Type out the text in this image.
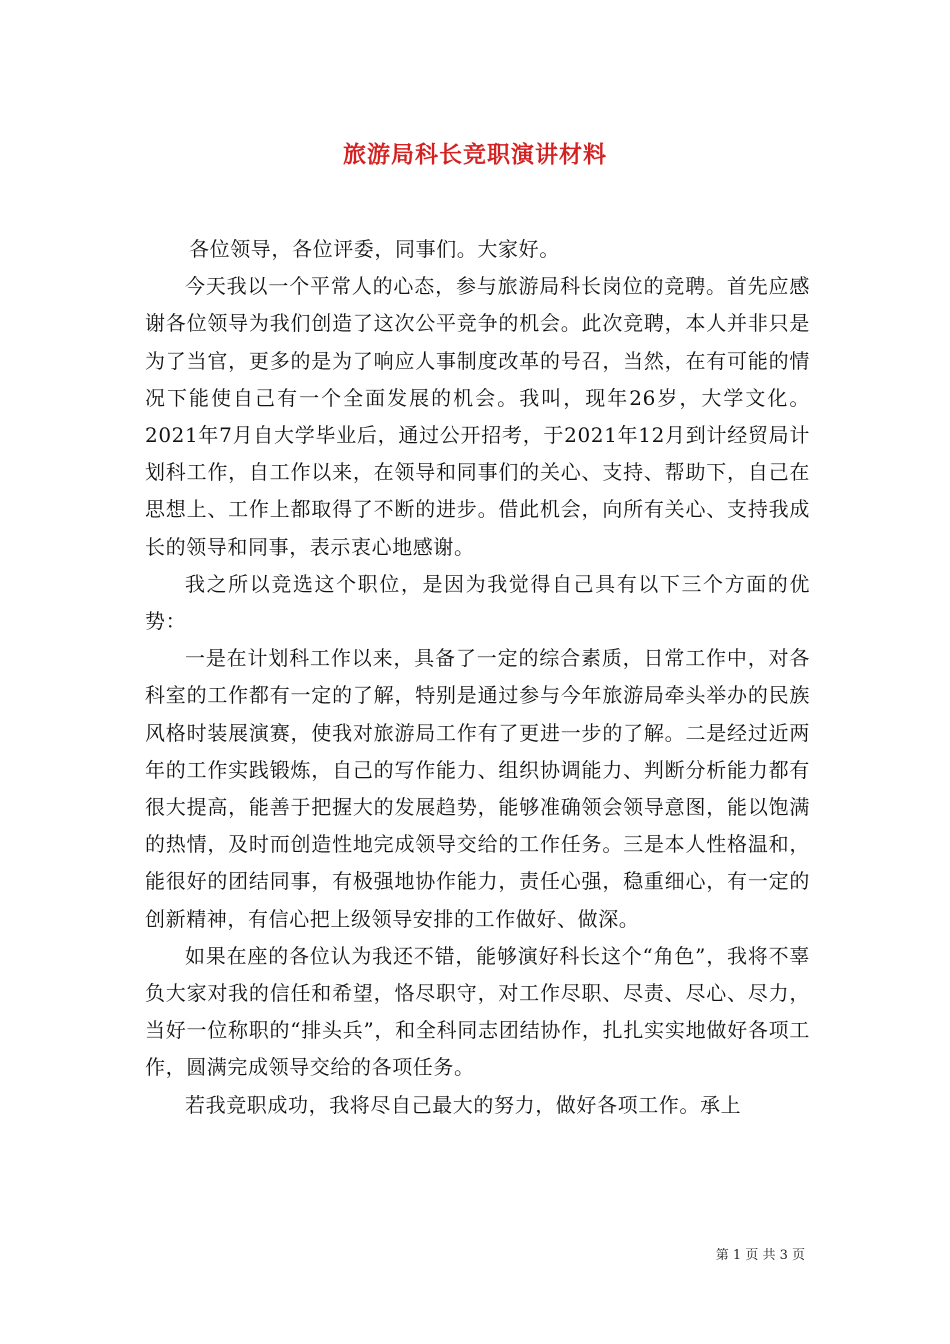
旅游局科长竞职演讲材料

各位领导，各位评委，同事们。大家好。

今天我以一个平常人的心态，参与旅游局科长岗位的竞聘。首先应感谢各位领导为我们创造了这次公平竞争的机会。此次竞聘，本人并非只是为了当官，更多的是为了响应人事制度改革的号召，当然，在有可能的情况下能使自己有一个全面发展的机会。我叫，现年26岁，大学文化。2021年7月自大学毕业后，通过公开招考，于2021年12月到计经贸局计划科工作，自工作以来，在领导和同事们的关心、支持、帮助下，自己在思想上、工作上都取得了不断的进步。借此机会，向所有关心、支持我成长的领导和同事，表示衷心地感谢。

我之所以竞选这个职位，是因为我觉得自己具有以下三个方面的优势：

一是在计划科工作以来，具备了一定的综合素质，日常工作中，对各科室的工作都有一定的了解，特别是通过参与今年旅游局牵头举办的民族风格时装展演赛，使我对旅游局工作有了更进一步的了解。二是经过近两年的工作实践锻炼，自己的写作能力、组织协调能力、判断分析能力都有很大提高，能善于把握大的发展趋势，能够准确领会领导意图，能以饱满的热情，及时而创造性地完成领导交给的工作任务。三是本人性格温和，能很好的团结同事，有极强地协作能力，责任心强，稳重细心，有一定的创新精神，有信心把上级领导安排的工作做好、做深。

如果在座的各位认为我还不错，能够演好科长这个“角色”，我将不辜负大家对我的信任和希望，恪尽职守，对工作尽职、尽责、尽心、尽力，当好一位称职的“排头兵”，和全科同志团结协作，扎扎实实地做好各项工作，圆满完成领导交给的各项任务。

若我竞职成功，我将尽自己最大的努力，做好各项工作。承上

第 1 页 共 3 页
